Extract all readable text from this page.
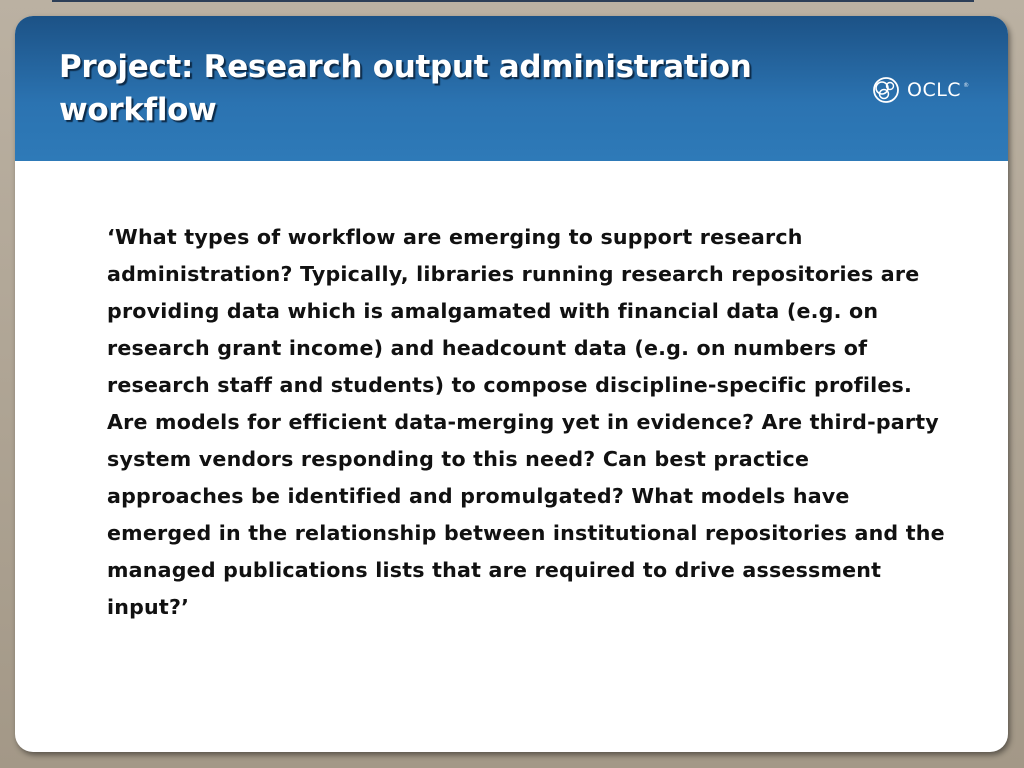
Project: Research output administration workflow
OCLC ®

‘What types of workflow are emerging to support research administration? Typically, libraries running research repositories are providing data which is amalgamated with financial data (e.g. on research grant income) and headcount data (e.g. on numbers of research staff and students) to compose discipline-specific profiles. Are models for efficient data-merging yet in evidence? Are third-party system vendors responding to this need? Can best practice approaches be identified and promulgated? What models have emerged in the relationship between institutional repositories and the managed publications lists that are required to drive assessment input?’
